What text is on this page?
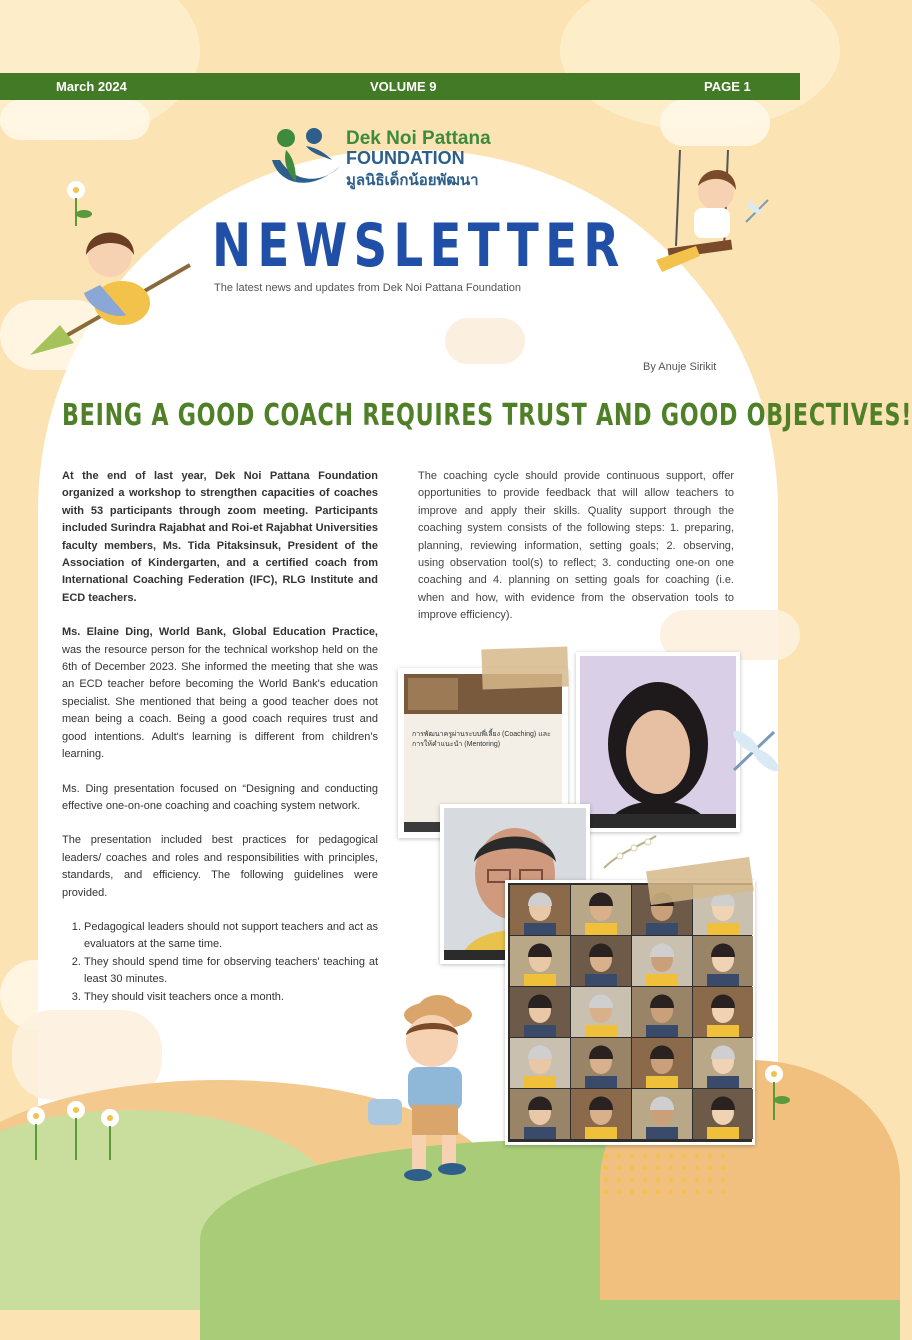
March 2024	VOLUME 9	PAGE 1
Dek Noi Pattana
FOUNDATION
มูลนิธิเด็กน้อยพัฒนา
NEWSLETTER
The latest news and updates from Dek Noi Pattana Foundation
By Anuje Sirikit
BEING A GOOD COACH REQUIRES TRUST AND GOOD OBJECTIVES!

At the end of last year, Dek Noi Pattana Foundation organized a workshop to strengthen capacities of coaches with 53 participants through zoom meeting. Participants included Surindra Rajabhat and Roi-et Rajabhat Universities faculty members, Ms. Tida Pitaksinsuk, President of the Association of Kindergarten, and a certified coach from International Coaching Federation (IFC), RLG Institute and ECD teachers.

Ms. Elaine Ding, World Bank, Global Education Practice, was the resource person for the technical workshop held on the 6th of December 2023. She informed the meeting that she was an ECD teacher before becoming the World Bank's education specialist. She mentioned that being a good teacher does not mean being a coach. Being a good coach requires trust and good intentions. Adult's learning is different from children's learning.

Ms. Ding presentation focused on “Designing and conducting effective one-on-one coaching and coaching system network.

The presentation included best practices for pedagogical leaders/ coaches and roles and responsibilities with principles, standards, and efficiency. The following guidelines were provided.

1. Pedagogical leaders should not support teachers and act as evaluators at the same time.
2. They should spend time for observing teachers' teaching at least 30 minutes.
3. They should visit teachers once a month.

The coaching cycle should provide continuous support, offer opportunities to provide feedback that will allow teachers to improve and apply their skills. Quality support through the coaching system consists of the following steps: 1. preparing, planning, reviewing information, setting goals; 2. observing, using observation tool(s) to reflect; 3. conducting one-on one coaching and 4. planning on setting goals for coaching (i.e. when and how, with evidence from the observation tools to improve efficiency).

การพัฒนาครูผ่านระบบพี่เลี้ยง (Coaching) และการให้คำแนะนำ (Mentoring)
